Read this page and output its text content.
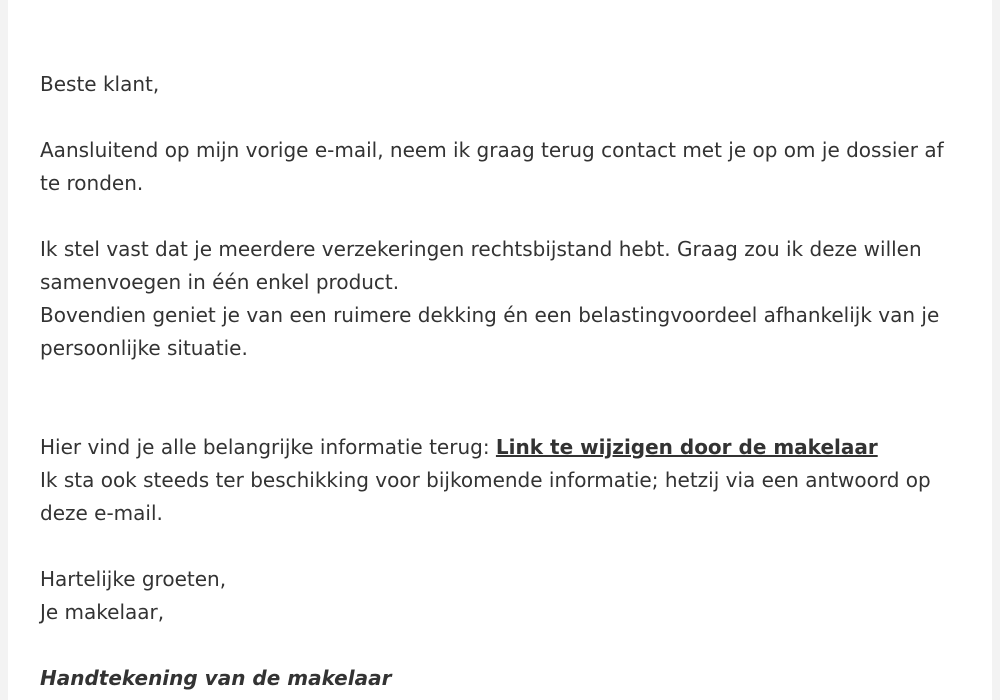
Beste klant,

Aansluitend op mijn vorige e-mail, neem ik graag terug contact met je op om je dossier af te ronden.

Ik stel vast dat je meerdere verzekeringen rechtsbijstand hebt. Graag zou ik deze willen samenvoegen in één enkel product.

Bovendien geniet je van een ruimere dekking én een belastingvoordeel afhankelijk van je persoonlijke situatie.

Hier vind je alle belangrijke informatie terug: Link te wijzigen door de makelaar

Ik sta ook steeds ter beschikking voor bijkomende informatie; hetzij via een antwoord op deze e-mail.

Hartelijke groeten,

Je makelaar,

Handtekening van de makelaar
